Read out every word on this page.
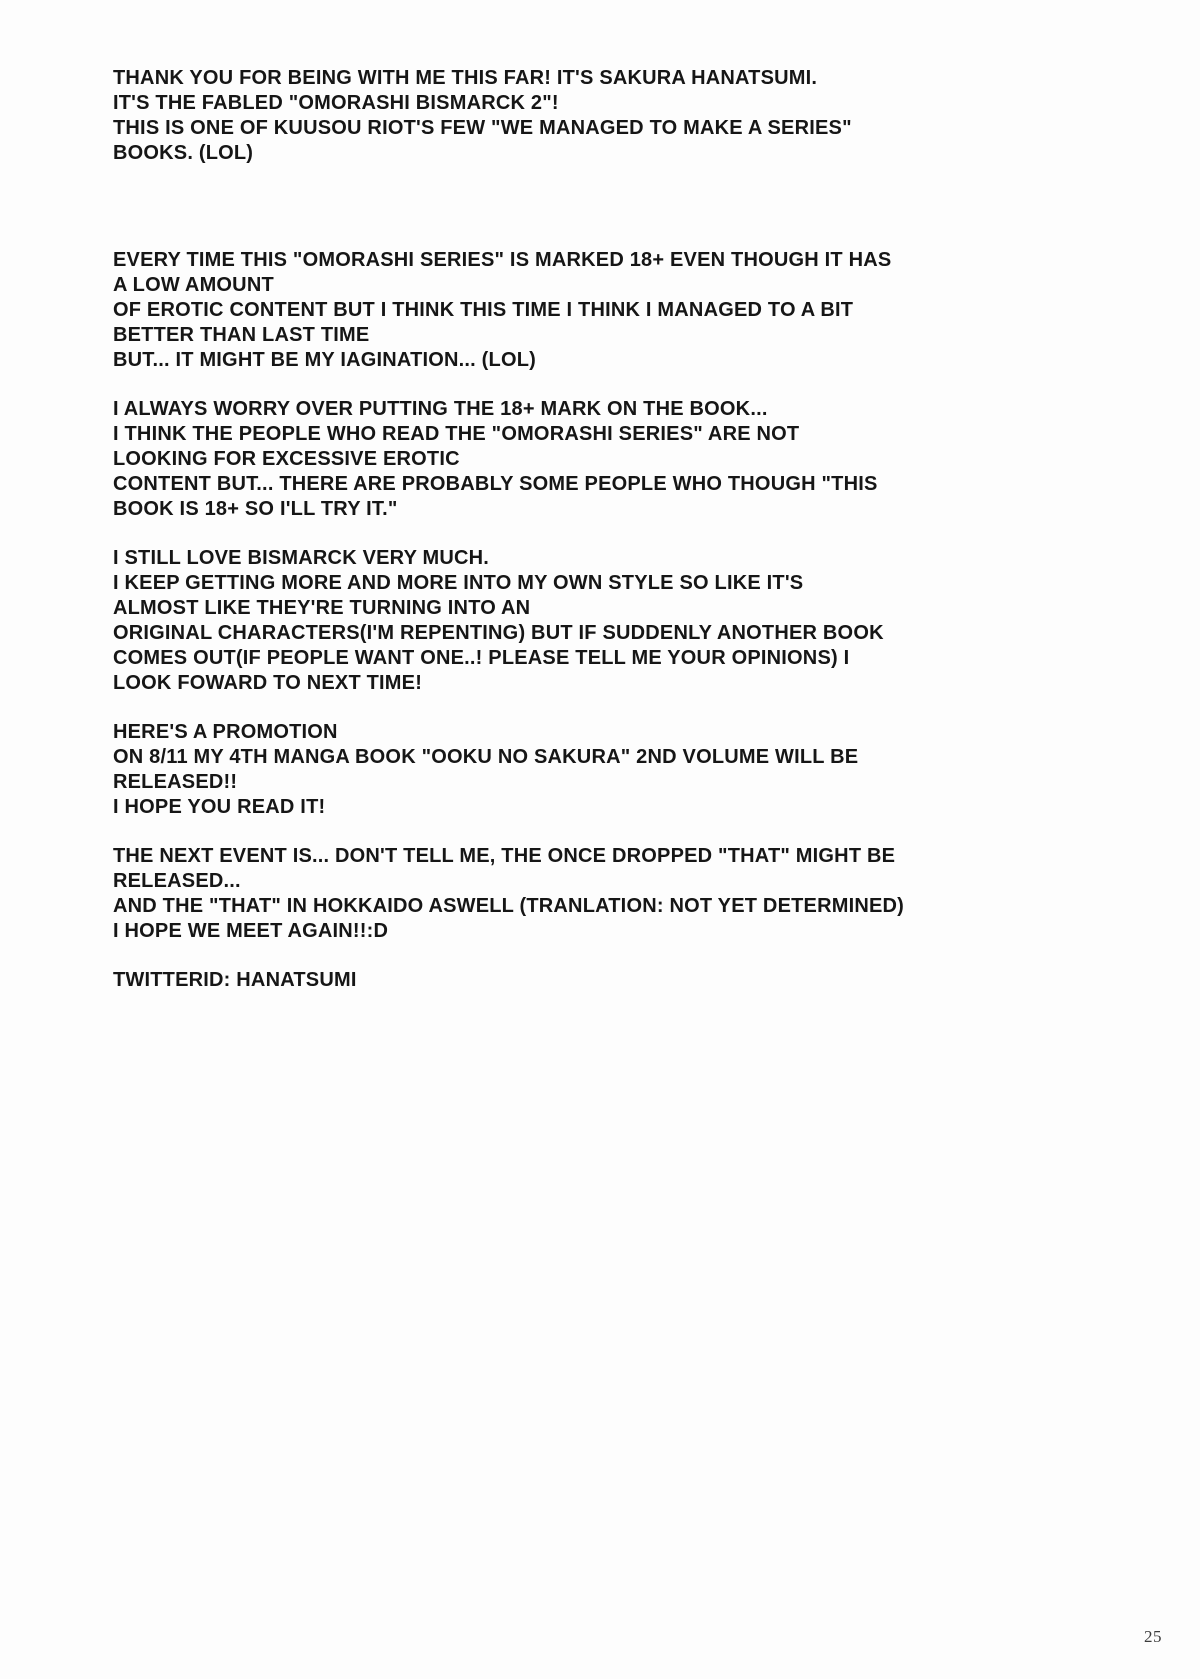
THANK YOU FOR BEING WITH ME THIS FAR! IT'S SAKURA HANATSUMI.
IT'S THE FABLED "OMORASHI BISMARCK 2"!
THIS IS ONE OF KUUSOU RIOT'S FEW "WE MANAGED TO MAKE A SERIES"
BOOKS. (LOL)

EVERY TIME THIS "OMORASHI SERIES" IS MARKED 18+ EVEN THOUGH IT HAS
A LOW AMOUNT
OF EROTIC CONTENT BUT I THINK THIS TIME I THINK I MANAGED TO A BIT
BETTER THAN LAST TIME
BUT... IT MIGHT BE MY IAGINATION... (LOL)

I ALWAYS WORRY OVER PUTTING THE 18+ MARK ON THE BOOK...
I THINK THE PEOPLE WHO READ THE "OMORASHI SERIES" ARE NOT
LOOKING FOR EXCESSIVE EROTIC
CONTENT BUT... THERE ARE PROBABLY SOME PEOPLE WHO THOUGH "THIS
BOOK IS 18+ SO I'LL TRY IT."

I STILL LOVE BISMARCK VERY MUCH.
I KEEP GETTING MORE AND MORE INTO MY OWN STYLE SO LIKE IT'S
ALMOST LIKE THEY'RE TURNING INTO AN
ORIGINAL CHARACTERS(I'M REPENTING) BUT IF SUDDENLY ANOTHER BOOK
COMES OUT(IF PEOPLE WANT ONE..! PLEASE TELL ME YOUR OPINIONS) I
LOOK FOWARD TO NEXT TIME!

HERE'S A PROMOTION
ON 8/11 MY 4TH MANGA BOOK "OOKU NO SAKURA" 2ND VOLUME WILL BE
RELEASED!!
I HOPE YOU READ IT!

THE NEXT EVENT IS... DON'T TELL ME, THE ONCE DROPPED "THAT" MIGHT BE
RELEASED...
AND THE "THAT" IN HOKKAIDO ASWELL (TRANLATION: NOT YET DETERMINED)
I HOPE WE MEET AGAIN!!:D

TWITTERID: HANATSUMI

25
